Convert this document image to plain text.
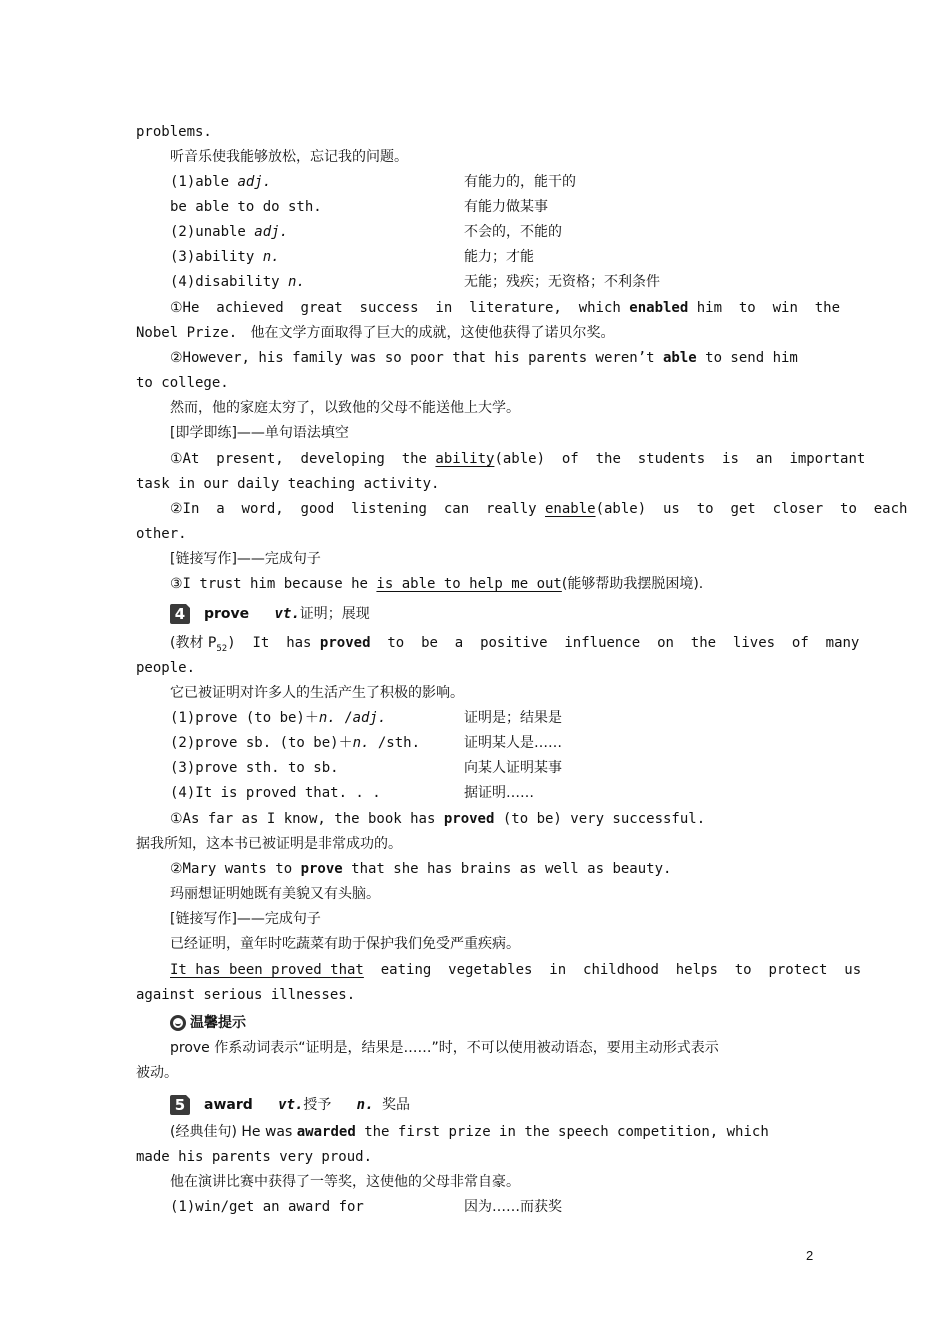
problems.
听音乐使我能够放松，忘记我的问题。
(1)able adj.	有能力的，能干的
be able to do sth.	有能力做某事
(2)unable adj.	不会的，不能的
(3)ability n.	能力；才能
(4)disability n.	无能；残疾；无资格；不利条件
①He  achieved  great  success  in  literature,  which enabled him  to  win  the
Nobel Prize.   他在文学方面取得了巨大的成就，这使他获得了诺贝尔奖。
②However, his family was so poor that his parents weren’t able to send him
to college.
然而，他的家庭太穷了，以致他的父母不能送他上大学。
[即学即练]——单句语法填空
①At  present,  developing  the ability(able)  of  the  students  is  an  important
task in our daily teaching activity.
②In  a  word,  good  listening  can  really enable(able)  us  to  get  closer  to  each
other.
[链接写作]——完成句子
③I trust him because he is able to help me out(能够帮助我摆脱困境).
4 prove vt.证明；展现
(教材 $P_{52}$)  It  has proved  to  be  a  positive  influence  on  the  lives  of  many
people.
它已被证明对许多人的生活产生了积极的影响。
(1)prove (to be)＋n. /adj.	证明是；结果是
(2)prove sb. (to be)＋n. /sth.	证明某人是……
(3)prove sth. to sb.	向某人证明某事
(4)It is proved that. . .	据证明……
①As far as I know, the book has proved (to be) very successful.
据我所知，这本书已被证明是非常成功的。
②Mary wants to prove that she has brains as well as beauty.
玛丽想证明她既有美貌又有头脑。
[链接写作]——完成句子
已经证明，童年时吃蔬菜有助于保护我们免受严重疾病。
It has been proved that  eating  vegetables  in  childhood  helps  to  protect  us
against serious illnesses.
温馨提示
prove 作系动词表示“证明是，结果是……”时，不可以使用被动语态，要用主动形式表示
被动。
5 award vt.授予 n. 奖品
(经典佳句) He was awarded the first prize in the speech competition, which
made his parents very proud.
他在演讲比赛中获得了一等奖，这使他的父母非常自豪。
(1)win/get an award for	因为……而获奖
2
